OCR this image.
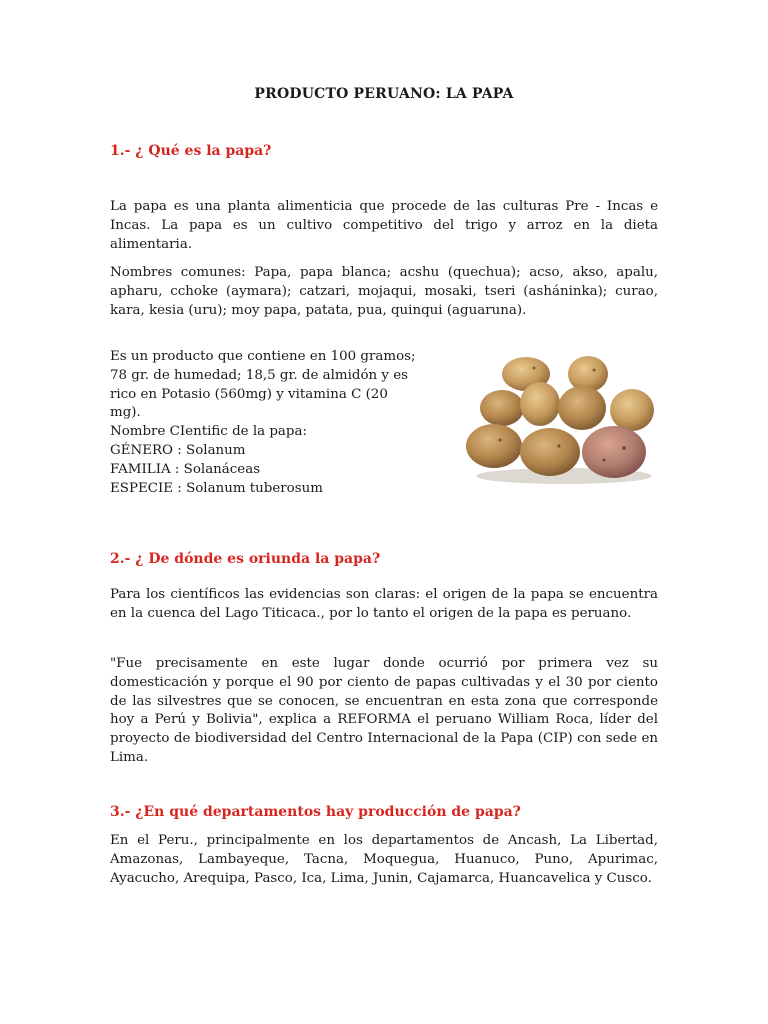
PRODUCTO PERUANO: LA PAPA
1.- ¿ Qué es la papa?

La papa es una planta alimenticia que procede de las culturas Pre - Incas e Incas. La papa es un cultivo competitivo del trigo y arroz en la dieta alimentaria.

Nombres comunes: Papa, papa blanca; acshu (quechua); acso, akso, apalu, apharu, cchoke (aymara); catzari, mojaqui, mosaki, tseri (asháninka); curao, kara, kesia (uru); moy papa, patata, pua, quinqui (aguaruna).

Es un producto que contiene en 100 gramos;
78 gr. de humedad; 18,5 gr. de almidón y es
rico en Potasio (560mg) y vitamina C (20
mg).
Nombre CIentific de la papa:
GÉNERO : Solanum
FAMILIA : Solanáceas
ESPECIE : Solanum tuberosum
2.- ¿ De dónde es oriunda la papa?

Para los científicos las evidencias son claras: el origen de la papa se encuentra en la cuenca del Lago Titicaca., por lo tanto el origen de la papa es peruano.

"Fue precisamente en este lugar donde ocurrió por primera vez su domesticación y porque el 90 por ciento de papas cultivadas y el 30 por ciento de las silvestres que se conocen, se encuentran en esta zona que corresponde hoy a Perú y Bolivia", explica a REFORMA el peruano William Roca, líder del proyecto de biodiversidad del Centro Internacional de la Papa (CIP) con sede en Lima.

3.- ¿En qué departamentos hay producción de papa?

En el Peru., principalmente en los departamentos de Ancash, La Libertad, Amazonas, Lambayeque, Tacna, Moquegua, Huanuco, Puno, Apurimac, Ayacucho, Arequipa, Pasco, Ica, Lima, Junin, Cajamarca, Huancavelica y Cusco.
